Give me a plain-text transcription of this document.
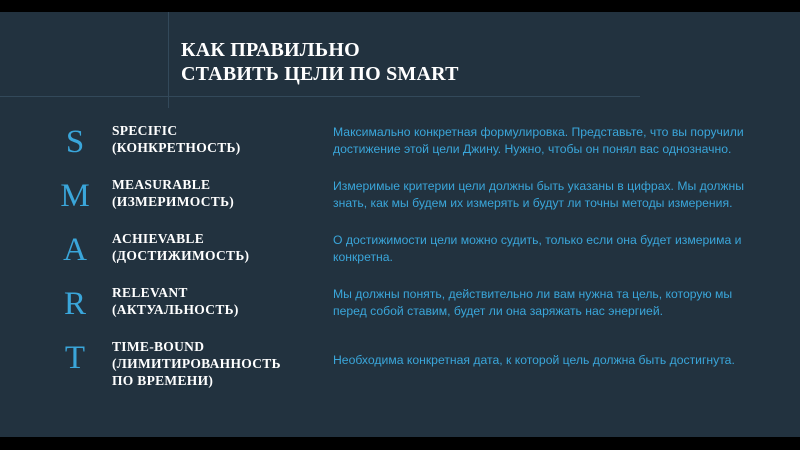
КАК ПРАВИЛЬНО
СТАВИТЬ ЦЕЛИ ПО SMART
S	SPECIFIC
(КОНКРЕТНОСТЬ)
Максимально конкретная формулировка. Представьте, что вы поручили достижение этой цели Джину. Нужно, чтобы он понял вас однозначно.
M	MEASURABLE
(ИЗМЕРИМОСТЬ)
Измеримые критерии цели должны быть указаны в цифрах. Мы должны знать, как мы будем их измерять и будут ли точны методы измерения.
A	ACHIEVABLE
(ДОСТИЖИМОСТЬ)
О достижимости цели можно судить, только если она будет измерима и конкретна.
R	RELEVANT
(АКТУАЛЬНОСТЬ)
Мы должны понять, действительно ли вам нужна та цель, которую мы перед собой ставим, будет ли она заряжать нас энергией.
T	TIME-BOUND
(ЛИМИТИРОВАННОСТЬ
ПО ВРЕМЕНИ)
Необходима конкретная дата, к которой цель должна быть достигнута.
